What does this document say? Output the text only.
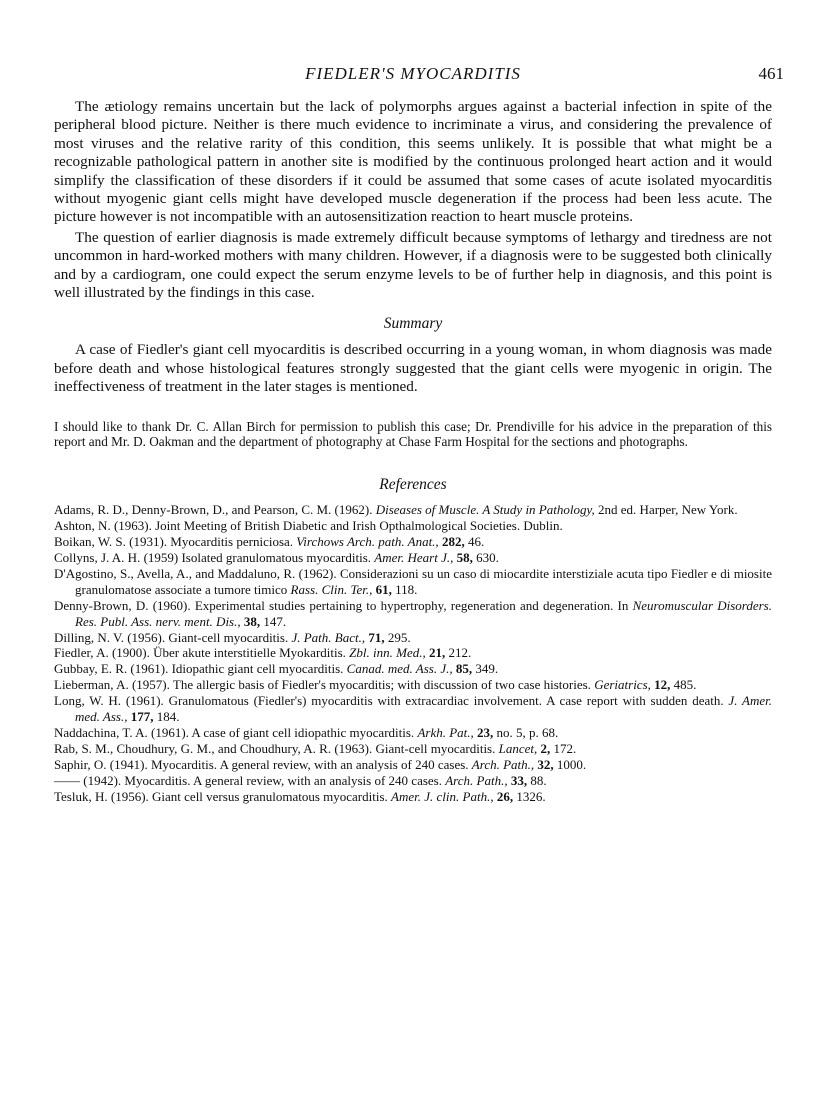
FIEDLER'S MYOCARDITIS	461

The ætiology remains uncertain but the lack of polymorphs argues against a bacterial infection in spite of the peripheral blood picture. Neither is there much evidence to incriminate a virus, and considering the prevalence of most viruses and the relative rarity of this condition, this seems unlikely. It is possible that what might be a recognizable pathological pattern in another site is modified by the continuous prolonged heart action and it would simplify the classification of these disorders if it could be assumed that some cases of acute isolated myocarditis without myogenic giant cells might have developed muscle degeneration if the process had been less acute. The picture however is not incompatible with an autosensitization reaction to heart muscle proteins.

The question of earlier diagnosis is made extremely difficult because symptoms of lethargy and tiredness are not uncommon in hard-worked mothers with many children. However, if a diagnosis were to be suggested both clinically and by a cardiogram, one could expect the serum enzyme levels to be of further help in diagnosis, and this point is well illustrated by the findings in this case.

Summary

A case of Fiedler's giant cell myocarditis is described occurring in a young woman, in whom diagnosis was made before death and whose histological features strongly suggested that the giant cells were myogenic in origin. The ineffectiveness of treatment in the later stages is mentioned.

I should like to thank Dr. C. Allan Birch for permission to publish this case; Dr. Prendiville for his advice in the preparation of this report and Mr. D. Oakman and the department of photography at Chase Farm Hospital for the sections and photographs.

References

Adams, R. D., Denny-Brown, D., and Pearson, C. M. (1962). Diseases of Muscle. A Study in Pathology, 2nd ed. Harper, New York.

Ashton, N. (1963). Joint Meeting of British Diabetic and Irish Opthalmological Societies. Dublin.

Boikan, W. S. (1931). Myocarditis perniciosa. Virchows Arch. path. Anat., 282, 46.

Collyns, J. A. H. (1959) Isolated granulomatous myocarditis. Amer. Heart J., 58, 630.

D'Agostino, S., Avella, A., and Maddaluno, R. (1962). Considerazioni su un caso di miocardite interstiziale acuta tipo Fiedler e di miosite granulomatose associate a tumore timico Rass. Clin. Ter., 61, 118.

Denny-Brown, D. (1960). Experimental studies pertaining to hypertrophy, regeneration and degeneration. In Neuromuscular Disorders. Res. Publ. Ass. nerv. ment. Dis., 38, 147.

Dilling, N. V. (1956). Giant-cell myocarditis. J. Path. Bact., 71, 295.

Fiedler, A. (1900). Über akute interstitielle Myokarditis. Zbl. inn. Med., 21, 212.

Gubbay, E. R. (1961). Idiopathic giant cell myocarditis. Canad. med. Ass. J., 85, 349.

Lieberman, A. (1957). The allergic basis of Fiedler's myocarditis; with discussion of two case histories. Geriatrics, 12, 485.

Long, W. H. (1961). Granulomatous (Fiedler's) myocarditis with extracardiac involvement. A case report with sudden death. J. Amer. med. Ass., 177, 184.

Naddachina, T. A. (1961). A case of giant cell idiopathic myocarditis. Arkh. Pat., 23, no. 5, p. 68.

Rab, S. M., Choudhury, G. M., and Choudhury, A. R. (1963). Giant-cell myocarditis. Lancet, 2, 172.

Saphir, O. (1941). Myocarditis. A general review, with an analysis of 240 cases. Arch. Path., 32, 1000.

—— (1942). Myocarditis. A general review, with an analysis of 240 cases. Arch. Path., 33, 88.

Tesluk, H. (1956). Giant cell versus granulomatous myocarditis. Amer. J. clin. Path., 26, 1326.
